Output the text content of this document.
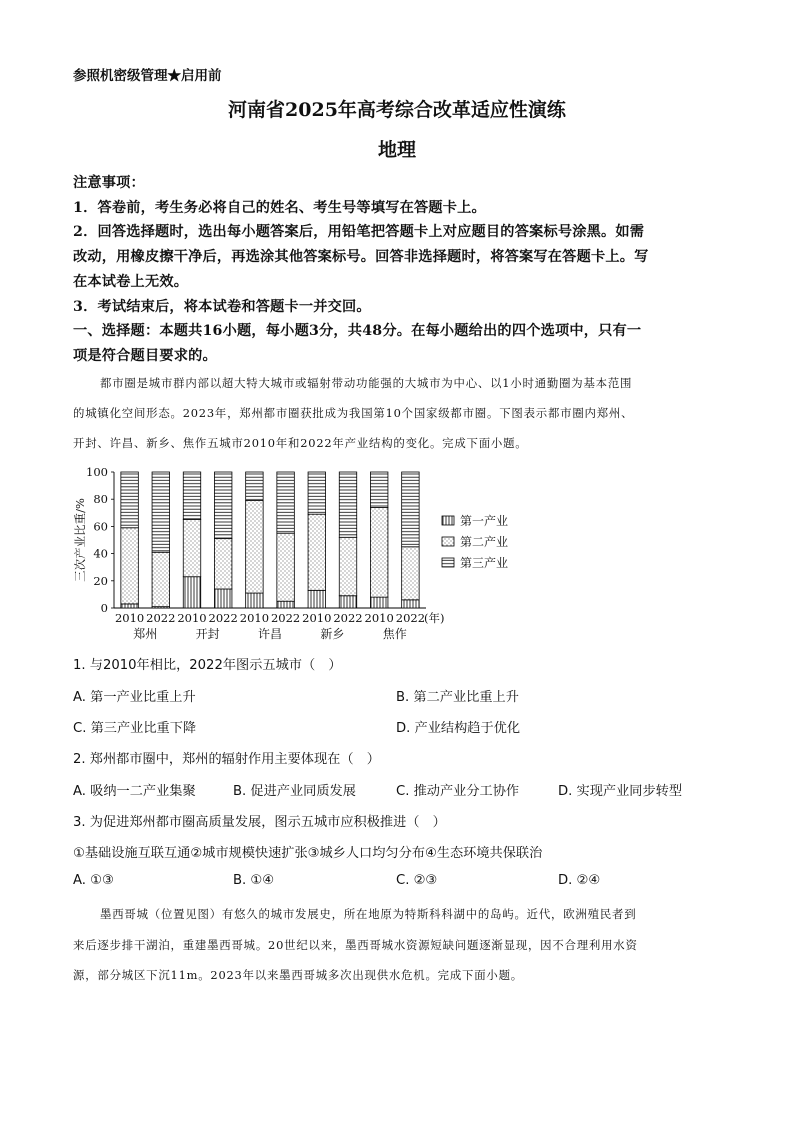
参照机密级管理★启用前
河南省2025年高考综合改革适应性演练
地理
注意事项：
1．答卷前，考生务必将自己的姓名、考生号等填写在答题卡上。
2．回答选择题时，选出每小题答案后，用铅笔把答题卡上对应题目的答案标号涂黑。如需
改动，用橡皮擦干净后，再选涂其他答案标号。回答非选择题时，将答案写在答题卡上。写
在本试卷上无效。
3．考试结束后，将本试卷和答题卡一并交回。
一、选择题：本题共16小题，每小题3分，共48分。在每小题给出的四个选项中，只有一
项是符合题目要求的。
都市圈是城市群内部以超大特大城市或辐射带动功能强的大城市为中心、以1小时通勤圈为基本范围
的城镇化空间形态。2023年，郑州都市圈获批成为我国第10个国家级都市圈。下图表示都市圈内郑州、
开封、许昌、新乡、焦作五城市2010年和2022年产业结构的变化。完成下面小题。
0
20
40
60
80
100
三次产业比重/%
2010 2022 2010 2022 2010 2022 2010 2022 2010 2022
(年)
郑州	开封	许昌	新乡	焦作
第一产业
第二产业
第三产业
1. 与2010年相比，2022年图示五城市（　）
A. 第一产业比重上升	B. 第二产业比重上升
C. 第三产业比重下降	D. 产业结构趋于优化
2. 郑州都市圈中，郑州的辐射作用主要体现在（　）
A. 吸纳一二产业集聚	B. 促进产业同质发展	C. 推动产业分工协作	D. 实现产业同步转型
3. 为促进郑州都市圈高质量发展，图示五城市应积极推进（　）
①基础设施互联互通②城市规模快速扩张③城乡人口均匀分布④生态环境共保联治
A. ①③	B. ①④	C. ②③	D. ②④
墨西哥城（位置见图）有悠久的城市发展史，所在地原为特斯科科湖中的岛屿。近代，欧洲殖民者到
来后逐步排干湖泊，重建墨西哥城。20世纪以来，墨西哥城水资源短缺问题逐渐显现，因不合理利用水资
源，部分城区下沉11m。2023年以来墨西哥城多次出现供水危机。完成下面小题。
